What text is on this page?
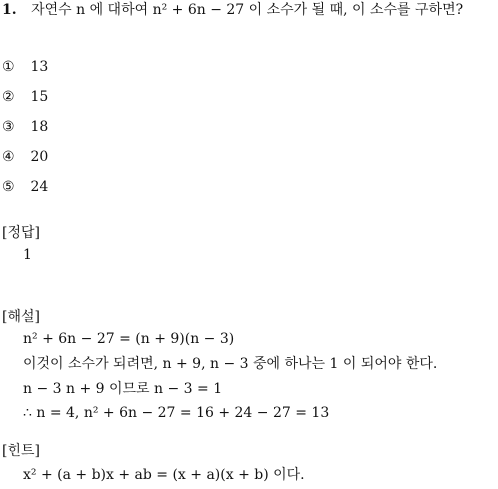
1. 자연수 n 에 대하여 n² + 6n − 27 이 소수가 될 때, 이 소수를 구하면?
① 13
② 15
③ 18
④ 20
⑤ 24
[정답]
1
[해설]
n² + 6n − 27 = (n + 9)(n − 3)
이것이 소수가 되려면, n + 9, n − 3 중에 하나는 1 이 되어야 한다.
n − 3 n + 9 이므로 n − 3 = 1
∴ n = 4, n² + 6n − 27 = 16 + 24 − 27 = 13
[힌트]
x² + (a + b)x + ab = (x + a)(x + b) 이다.
